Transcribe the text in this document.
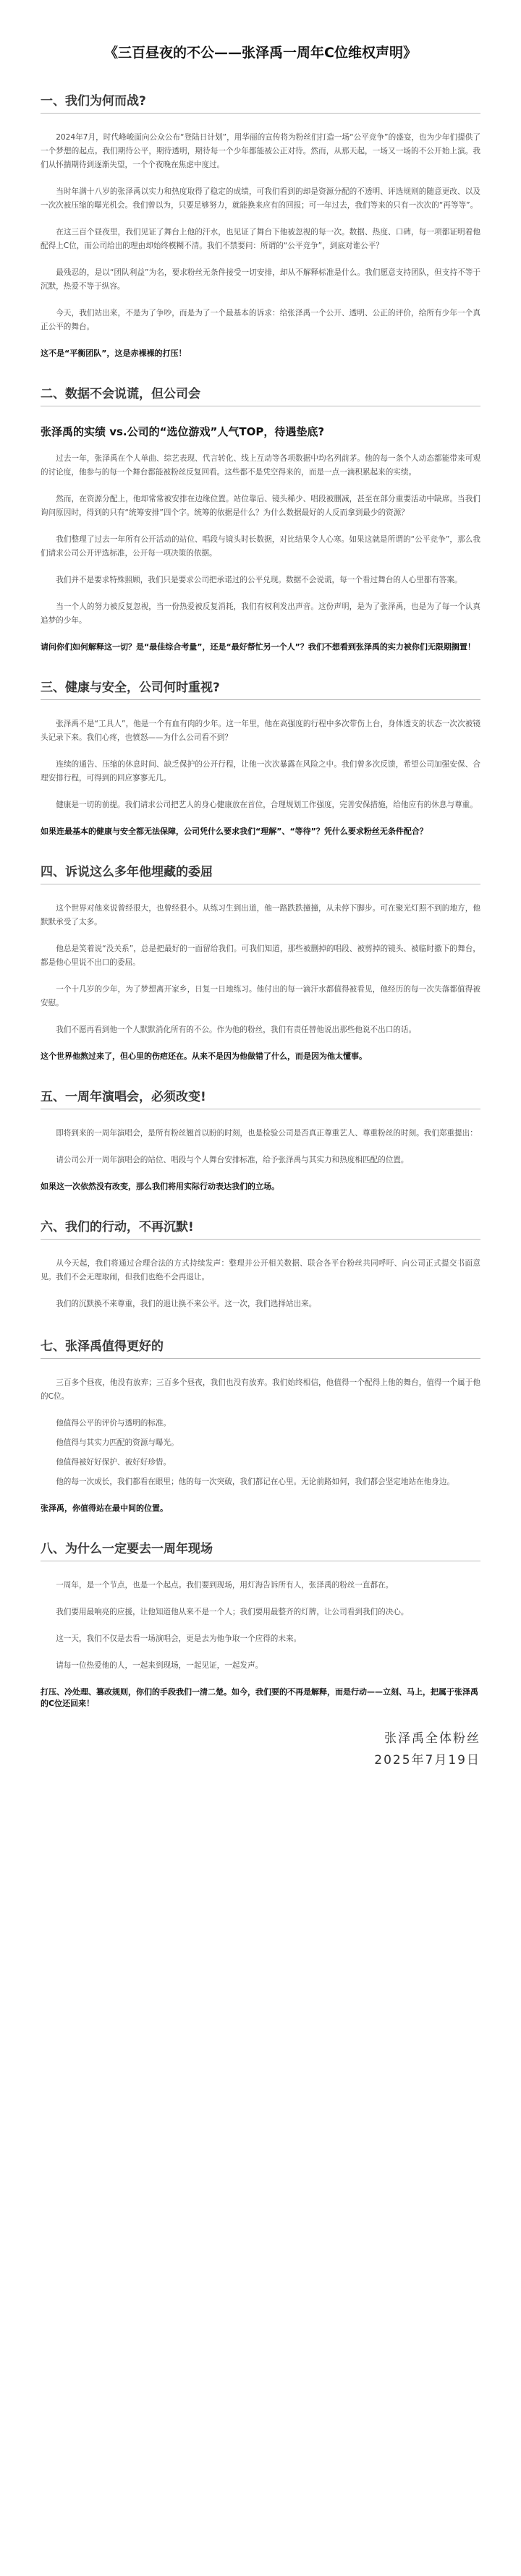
《三百昼夜的不公——张泽禹一周年C位维权声明》
一、我们为何而战?

2024年7月，时代峰峻面向公众公布“登陆日计划”，用华丽的宣传将为粉丝们打造一场“公平竞争”的盛宴，也为少年们提供了一个梦想的起点。我们期待公平，期待透明，期待每一个少年都能被公正对待。然而，从那天起，一场又一场的不公开始上演。我们从怀揣期待到逐渐失望，一个个夜晚在焦虑中度过。

当时年满十八岁的张泽禹以实力和热度取得了稳定的成绩，可我们看到的却是资源分配的不透明、评选规则的随意更改、以及一次次被压缩的曝光机会。我们曾以为，只要足够努力，就能换来应有的回报；可一年过去，我们等来的只有一次次的“再等等”。

在这三百个昼夜里，我们见证了舞台上他的汗水，也见证了舞台下他被忽视的每一次。数据、热度、口碑，每一项都证明着他配得上C位，而公司给出的理由却始终模糊不清。我们不禁要问：所谓的“公平竞争”，到底对谁公平？

最残忍的，是以“团队利益”为名，要求粉丝无条件接受一切安排，却从不解释标准是什么。我们愿意支持团队，但支持不等于沉默，热爱不等于纵容。

今天，我们站出来，不是为了争吵，而是为了一个最基本的诉求：给张泽禹一个公开、透明、公正的评价，给所有少年一个真正公平的舞台。

这不是“平衡团队”，这是赤裸裸的打压！

二、数据不会说谎，但公司会
张泽禹的实绩 vs.公司的“选位游戏”人气TOP，待遇垫底?

过去一年，张泽禹在个人单曲、综艺表现、代言转化、线上互动等各项数据中均名列前茅。他的每一条个人动态都能带来可观的讨论度，他参与的每一个舞台都能被粉丝反复回看。这些都不是凭空得来的，而是一点一滴积累起来的实绩。

然而，在资源分配上，他却常常被安排在边缘位置。站位靠后、镜头稀少、唱段被删减，甚至在部分重要活动中缺席。当我们询问原因时，得到的只有“统筹安排”四个字。统筹的依据是什么？为什么数据最好的人反而拿到最少的资源？

我们整理了过去一年所有公开活动的站位、唱段与镜头时长数据，对比结果令人心寒。如果这就是所谓的“公平竞争”，那么我们请求公司公开评选标准，公开每一项决策的依据。

我们并不是要求特殊照顾，我们只是要求公司把承诺过的公平兑现。数据不会说谎，每一个看过舞台的人心里都有答案。

当一个人的努力被反复忽视，当一份热爱被反复消耗，我们有权利发出声音。这份声明，是为了张泽禹，也是为了每一个认真追梦的少年。

请问你们如何解释这一切？是“最佳综合考量”，还是“最好帮忙另一个人”？我们不想看到张泽禹的实力被你们无限期搁置！

三、健康与安全，公司何时重视?

张泽禹不是“工具人”，他是一个有血有肉的少年。这一年里，他在高强度的行程中多次带伤上台，身体透支的状态一次次被镜头记录下来。我们心疼，也愤怒——为什么公司看不到？

连续的通告、压缩的休息时间、缺乏保护的公开行程，让他一次次暴露在风险之中。我们曾多次反馈，希望公司加强安保、合理安排行程，可得到的回应寥寥无几。

健康是一切的前提。我们请求公司把艺人的身心健康放在首位，合理规划工作强度，完善安保措施，给他应有的休息与尊重。

如果连最基本的健康与安全都无法保障，公司凭什么要求我们“理解”、“等待”？凭什么要求粉丝无条件配合？

四、诉说这么多年他埋藏的委屈

这个世界对他来说曾经很大，也曾经很小。从练习生到出道，他一路跌跌撞撞，从未停下脚步。可在聚光灯照不到的地方，他默默承受了太多。

他总是笑着说“没关系”，总是把最好的一面留给我们。可我们知道，那些被删掉的唱段、被剪掉的镜头、被临时撤下的舞台，都是他心里说不出口的委屈。

一个十几岁的少年，为了梦想离开家乡，日复一日地练习。他付出的每一滴汗水都值得被看见，他经历的每一次失落都值得被安慰。

我们不愿再看到他一个人默默消化所有的不公。作为他的粉丝，我们有责任替他说出那些他说不出口的话。

这个世界他熬过来了，但心里的伤疤还在。从来不是因为他做错了什么，而是因为他太懂事。

五、一周年演唱会，必须改变!

即将到来的一周年演唱会，是所有粉丝翘首以盼的时刻，也是检验公司是否真正尊重艺人、尊重粉丝的时刻。我们郑重提出：

请公司公开一周年演唱会的站位、唱段与个人舞台安排标准，给予张泽禹与其实力和热度相匹配的位置。

如果这一次依然没有改变，那么我们将用实际行动表达我们的立场。

六、我们的行动，不再沉默!

从今天起，我们将通过合理合法的方式持续发声：整理并公开相关数据、联合各平台粉丝共同呼吁、向公司正式提交书面意见。我们不会无理取闹，但我们也绝不会再退让。

我们的沉默换不来尊重，我们的退让换不来公平。这一次，我们选择站出来。

七、张泽禹值得更好的

三百多个昼夜，他没有放弃；三百多个昼夜，我们也没有放弃。我们始终相信，他值得一个配得上他的舞台，值得一个属于他的C位。

他值得公平的评价与透明的标准。

他值得与其实力匹配的资源与曝光。

他值得被好好保护、被好好珍惜。

他的每一次成长，我们都看在眼里；他的每一次突破，我们都记在心里。无论前路如何，我们都会坚定地站在他身边。

张泽禹，你值得站在最中间的位置。

八、为什么一定要去一周年现场

一周年，是一个节点，也是一个起点。我们要到现场，用灯海告诉所有人，张泽禹的粉丝一直都在。

我们要用最响亮的应援，让他知道他从来不是一个人；我们要用最整齐的灯牌，让公司看到我们的决心。

这一天，我们不仅是去看一场演唱会，更是去为他争取一个应得的未来。

请每一位热爱他的人，一起来到现场，一起见证，一起发声。

打压、冷处理、篡改规则，你们的手段我们一清二楚。如今，我们要的不再是解释，而是行动——立刻、马上，把属于张泽禹的C位还回来！

张泽禹全体粉丝
2025年7月19日
